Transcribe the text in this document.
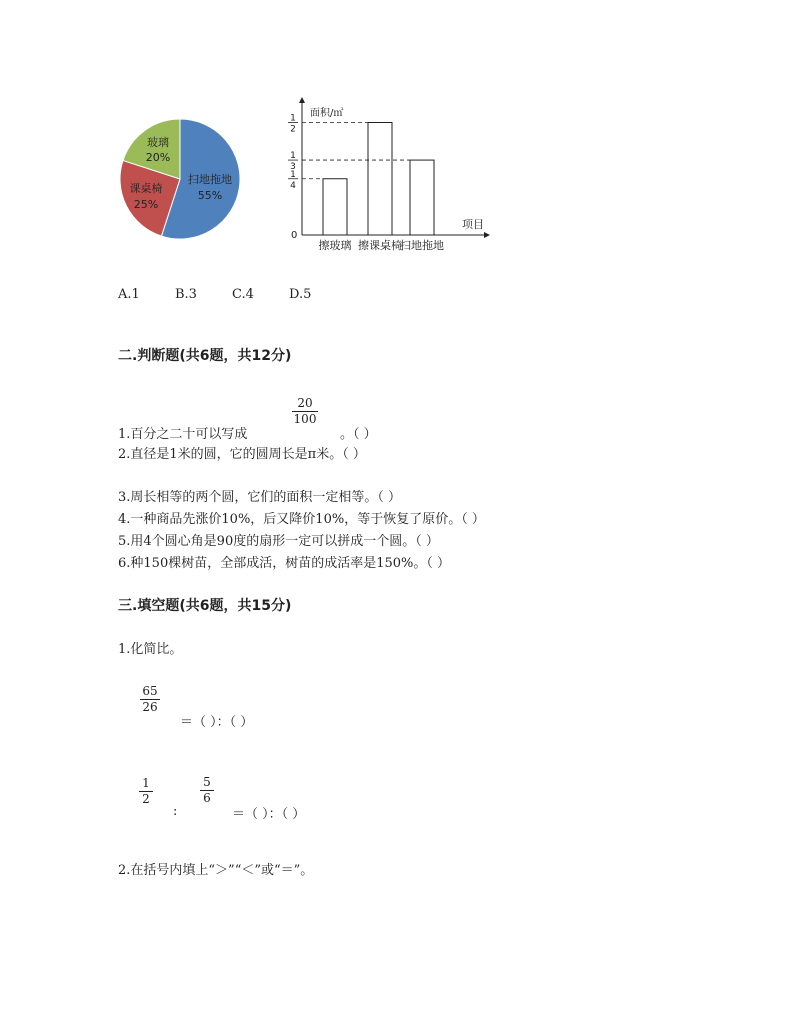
玻璃
20%
课桌椅
25%
扫地拖地
55%
面积/㎡
项目
0
1
2
1
3
1
4
擦玻璃 擦课桌椅
扫地拖地
A.1	B.3	C.4	D.5
二.判断题(共6题，共12分)
1.百分之二十可以写成
20
100
。（ ）
2.直径是1米的圆，它的圆周长是π米。（ ）
3.周长相等的两个圆，它们的面积一定相等。（ ）
4.一种商品先涨价10%，后又降价10%，等于恢复了原价。（ ）
5.用4个圆心角是90度的扇形一定可以拼成一个圆。（ ）
6.种150棵树苗，全部成活，树苗的成活率是150%。（ ）
三.填空题(共6题，共15分)
1.化简比。
65
26
＝（ ）：（ ）
1
2
:
5
6
＝（ ）：（ ）
2.在括号内填上“＞”“＜”或“＝”。
